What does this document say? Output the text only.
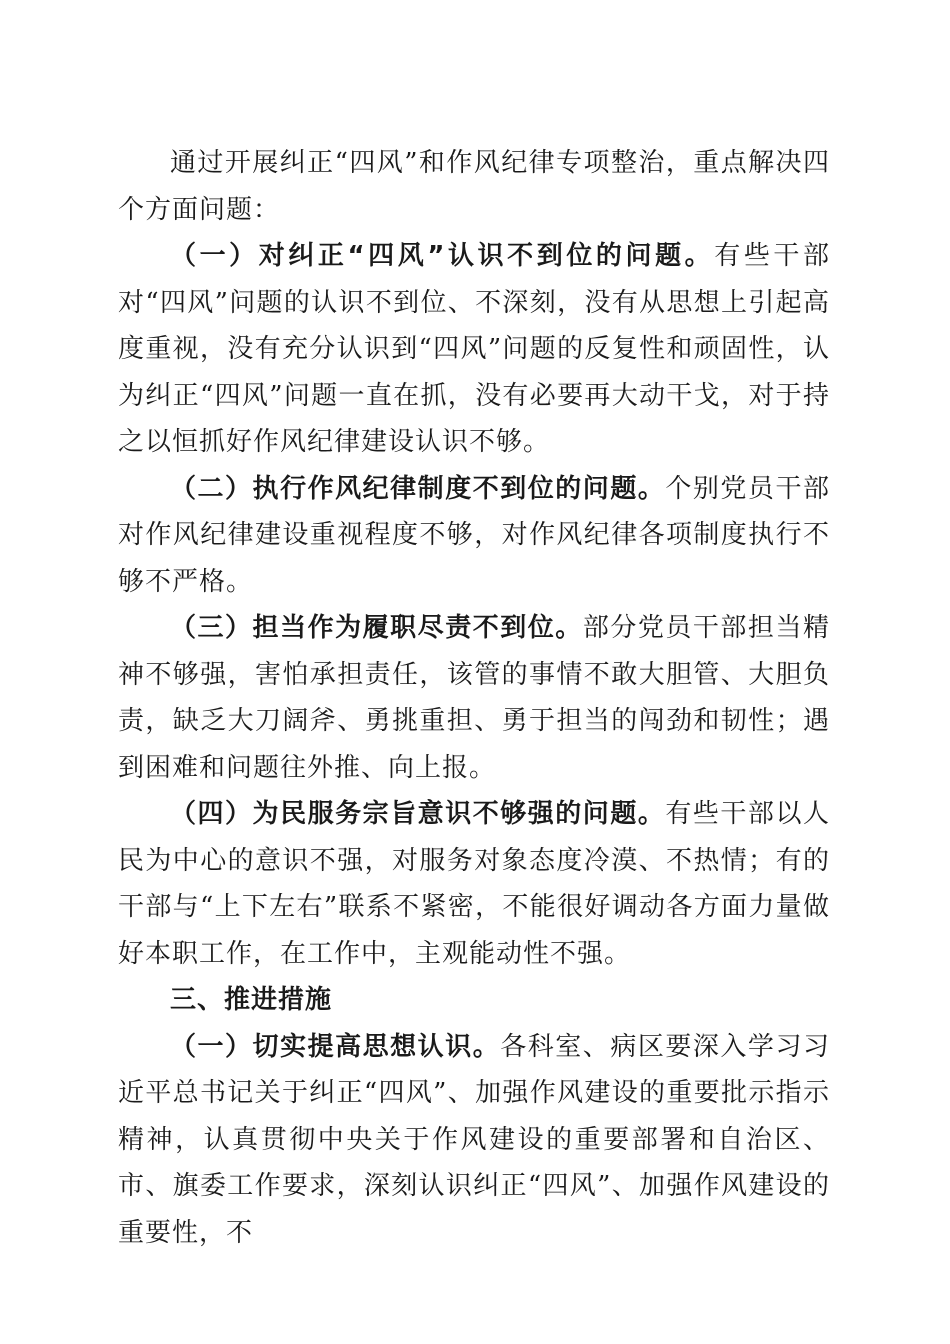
通过开展纠正“四风”和作风纪律专项整治，重点解决四个方面问题：

（一）对纠正“四风”认识不到位的问题。有些干部对“四风”问题的认识不到位、不深刻，没有从思想上引起高度重视，没有充分认识到“四风”问题的反复性和顽固性，认为纠正“四风”问题一直在抓，没有必要再大动干戈，对于持之以恒抓好作风纪律建设认识不够。

（二）执行作风纪律制度不到位的问题。个别党员干部对作风纪律建设重视程度不够，对作风纪律各项制度执行不够不严格。

（三）担当作为履职尽责不到位。部分党员干部担当精神不够强，害怕承担责任，该管的事情不敢大胆管、大胆负责，缺乏大刀阔斧、勇挑重担、勇于担当的闯劲和韧性；遇到困难和问题往外推、向上报。

（四）为民服务宗旨意识不够强的问题。有些干部以人民为中心的意识不强，对服务对象态度冷漠、不热情；有的干部与“上下左右”联系不紧密，不能很好调动各方面力量做好本职工作，在工作中，主观能动性不强。

三、推进措施

（一）切实提高思想认识。各科室、病区要深入学习习近平总书记关于纠正“四风”、加强作风建设的重要批示指示精神，认真贯彻中央关于作风建设的重要部署和自治区、市、旗委工作要求，深刻认识纠正“四风”、加强作风建设的重要性，不
